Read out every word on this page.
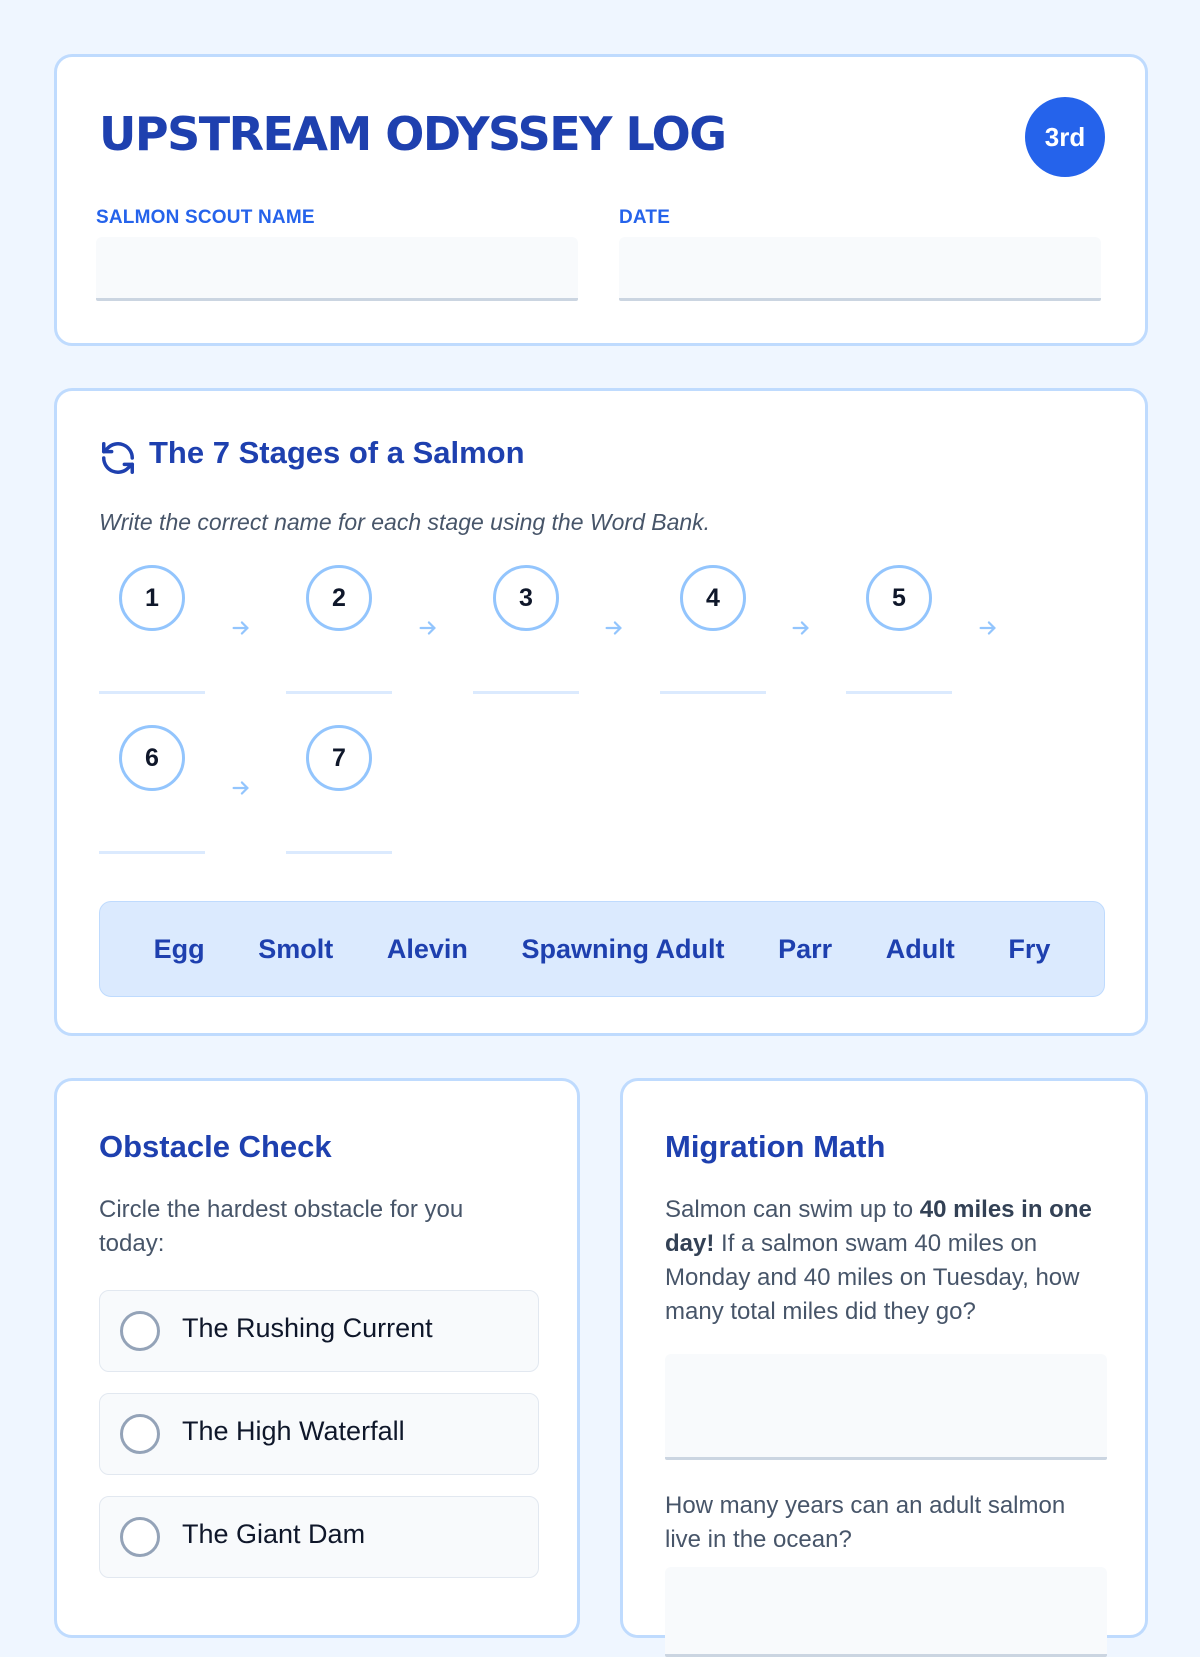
UPSTREAM ODYSSEY LOG	3rd
SALMON SCOUT NAME	DATE
The 7 Stages of a Salmon

Write the correct name for each stage using the Word Bank.

1	2	3	4	5
6	7
Egg Smolt Alevin Spawning Adult Parr Adult Fry
Obstacle Check

Circle the hardest obstacle for you today:

The Rushing Current
The High Waterfall
The Giant Dam
Migration Math

Salmon can swim up to 40 miles in one day! If a salmon swam 40 miles on Monday and 40 miles on Tuesday, how many total miles did they go?

How many years can an adult salmon live in the ocean?
